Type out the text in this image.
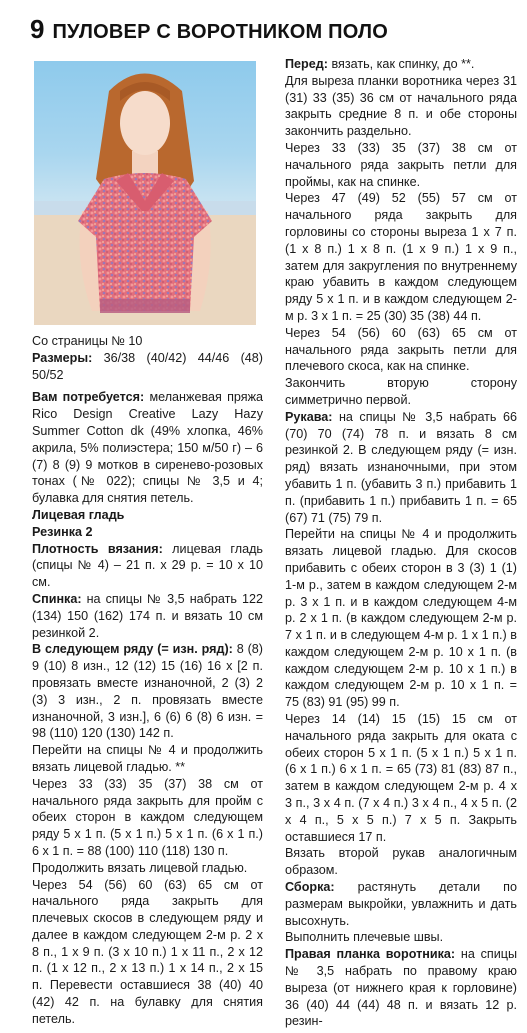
9 ПУЛОВЕР С ВОРОТНИКОМ ПОЛО

Со страницы № 10

Размеры: 36/38 (40/42) 44/46 (48) 50/52

Вам потребуется: меланжевая пряжа Rico Design Creative Lazy Hazy Summer Cotton dk (49% хлопка, 46% акрила, 5% полиэстера; 150 м/50 г) – 6 (7) 8 (9) 9 мотков в сиреневo-розовых тонах (№ 022); спицы № 3,5 и 4; булавка для снятия петель.

Лицевая гладь

Резинка 2

Плотность вязания: лицевая гладь (спицы № 4) – 21 п. х 29 р. = 10 х 10 см.

Спинка: на спицы № 3,5 набрать 122 (134) 150 (162) 174 п. и вязать 10 см резинкой 2.

В следующем ряду (= изн. ряд): 8 (8) 9 (10) 8 изн., 12 (12) 15 (16) 16 х [2 п. провязать вместе изнаночной, 2 (3) 2 (3) 3 изн., 2 п. провязать вместе изнаночной, 3 изн.], 6 (6) 6 (8) 6 изн. = 98 (110) 120 (130) 142 п.

Перейти на спицы № 4 и продолжить вязать лицевой гладью. **

Через 33 (33) 35 (37) 38 см от начального ряда закрыть для пройм с обеих сторон в каждом следующем ряду 5 х 1 п. (5 х 1 п.) 5 х 1 п. (6 х 1 п.) 6 х 1 п. = 88 (100) 110 (118) 130 п.

Продолжить вязать лицевой гладью.

Через 54 (56) 60 (63) 65 см от начального ряда закрыть для плечевых скосов в следующем ряду и далее в каждом следующем 2-м р. 2 х 8 п., 1 х 9 п. (3 х 10 п.) 1 х 11 п., 2 х 12 п. (1 х 12 п., 2 х 13 п.) 1 х 14 п., 2 х 15 п. Перевести оставшиеся 38 (40) 40 (42) 42 п. на булавку для снятия петель.

Перед: вязать, как спинку, до **.

Для выреза планки воротника через 31 (31) 33 (35) 36 см от начального ряда закрыть средние 8 п. и обе стороны закончить раздельно.

Через 33 (33) 35 (37) 38 см от начального ряда закрыть петли для проймы, как на спинке.

Через 47 (49) 52 (55) 57 см от начального ряда закрыть для горловины со стороны выреза 1 х 7 п. (1 х 8 п.) 1 х 8 п. (1 х 9 п.) 1 х 9 п., затем для закругления по внутреннему краю убавить в каждом следующем ряду 5 х 1 п. и в каждом следующем 2-м р. 3 х 1 п. = 25 (30) 35 (38) 44 п.

Через 54 (56) 60 (63) 65 см от начального ряда закрыть петли для плечевого скоса, как на спинке.

Закончить вторую сторону симметрично первой.

Рукава: на спицы № 3,5 набрать 66 (70) 70 (74) 78 п. и вязать 8 см резинкой 2. В следующем ряду (= изн. ряд) вязать изнаночными, при этом убавить 1 п. (убавить 3 п.) прибавить 1 п. (прибавить 1 п.) прибавить 1 п. = 65 (67) 71 (75) 79 п.

Перейти на спицы № 4 и продолжить вязать лицевой гладью. Для скосов прибавить с обеих сторон в 3 (3) 1 (1) 1-м р., затем в каждом следующем 2-м р. 3 х 1 п. и в каждом следующем 4-м р. 2 х 1 п. (в каждом следующем 2-м р. 7 х 1 п. и в следующем 4-м р. 1 х 1 п.) в каждом следующем 2-м р. 10 х 1 п. (в каждом следующем 2-м р. 10 х 1 п.) в каждом следующем 2-м р. 10 х 1 п. = 75 (83) 91 (95) 99 п.

Через 14 (14) 15 (15) 15 см от начального ряда закрыть для оката с обеих сторон 5 х 1 п. (5 х 1 п.) 5 х 1 п. (6 х 1 п.) 6 х 1 п. = 65 (73) 81 (83) 87 п., затем в каждом следующем 2-м р. 4 х 3 п., 3 х 4 п. (7 х 4 п.) 3 х 4 п., 4 х 5 п. (2 х 4 п., 5 х 5 п.) 7 х 5 п. Закрыть оставшиеся 17 п.

Вязать второй рукав аналогичным образом.

Сборка: растянуть детали по размерам выкройки, увлажнить и дать высохнуть.

Выполнить плечевые швы.

Правая планка воротника: на спицы № 3,5 набрать по правому краю выреза (от нижнего края к горловине) 36 (40) 44 (44) 48 п. и вязать 12 р. резин-
